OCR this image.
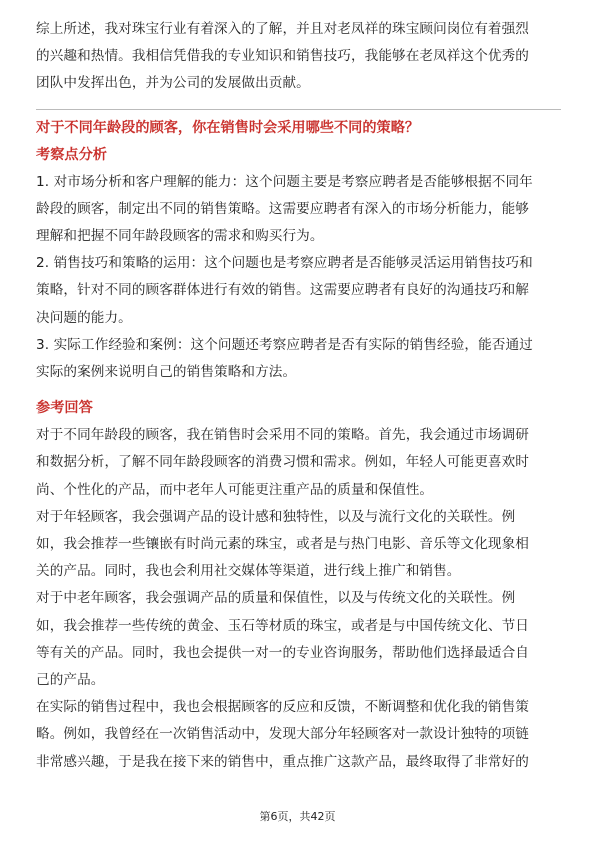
综上所述，我对珠宝行业有着深入的了解，并且对老凤祥的珠宝顾问岗位有着强烈

的兴趣和热情。我相信凭借我的专业知识和销售技巧，我能够在老凤祥这个优秀的

团队中发挥出色，并为公司的发展做出贡献。

对于不同年龄段的顾客，你在销售时会采用哪些不同的策略？

考察点分析

1. 对市场分析和客户理解的能力：这个问题主要是考察应聘者是否能够根据不同年

龄段的顾客，制定出不同的销售策略。这需要应聘者有深入的市场分析能力，能够

理解和把握不同年龄段顾客的需求和购买行为。

2. 销售技巧和策略的运用：这个问题也是考察应聘者是否能够灵活运用销售技巧和

策略，针对不同的顾客群体进行有效的销售。这需要应聘者有良好的沟通技巧和解

决问题的能力。

3. 实际工作经验和案例：这个问题还考察应聘者是否有实际的销售经验，能否通过

实际的案例来说明自己的销售策略和方法。

参考回答

对于不同年龄段的顾客，我在销售时会采用不同的策略。首先，我会通过市场调研

和数据分析，了解不同年龄段顾客的消费习惯和需求。例如，年轻人可能更喜欢时

尚、个性化的产品，而中老年人可能更注重产品的质量和保值性。

对于年轻顾客，我会强调产品的设计感和独特性，以及与流行文化的关联性。例

如，我会推荐一些镶嵌有时尚元素的珠宝，或者是与热门电影、音乐等文化现象相

关的产品。同时，我也会利用社交媒体等渠道，进行线上推广和销售。

对于中老年顾客，我会强调产品的质量和保值性，以及与传统文化的关联性。例

如，我会推荐一些传统的黄金、玉石等材质的珠宝，或者是与中国传统文化、节日

等有关的产品。同时，我也会提供一对一的专业咨询服务，帮助他们选择最适合自

己的产品。

在实际的销售过程中，我也会根据顾客的反应和反馈，不断调整和优化我的销售策

略。例如，我曾经在一次销售活动中，发现大部分年轻顾客对一款设计独特的项链

非常感兴趣，于是我在接下来的销售中，重点推广这款产品，最终取得了非常好的

第6页，共42页
